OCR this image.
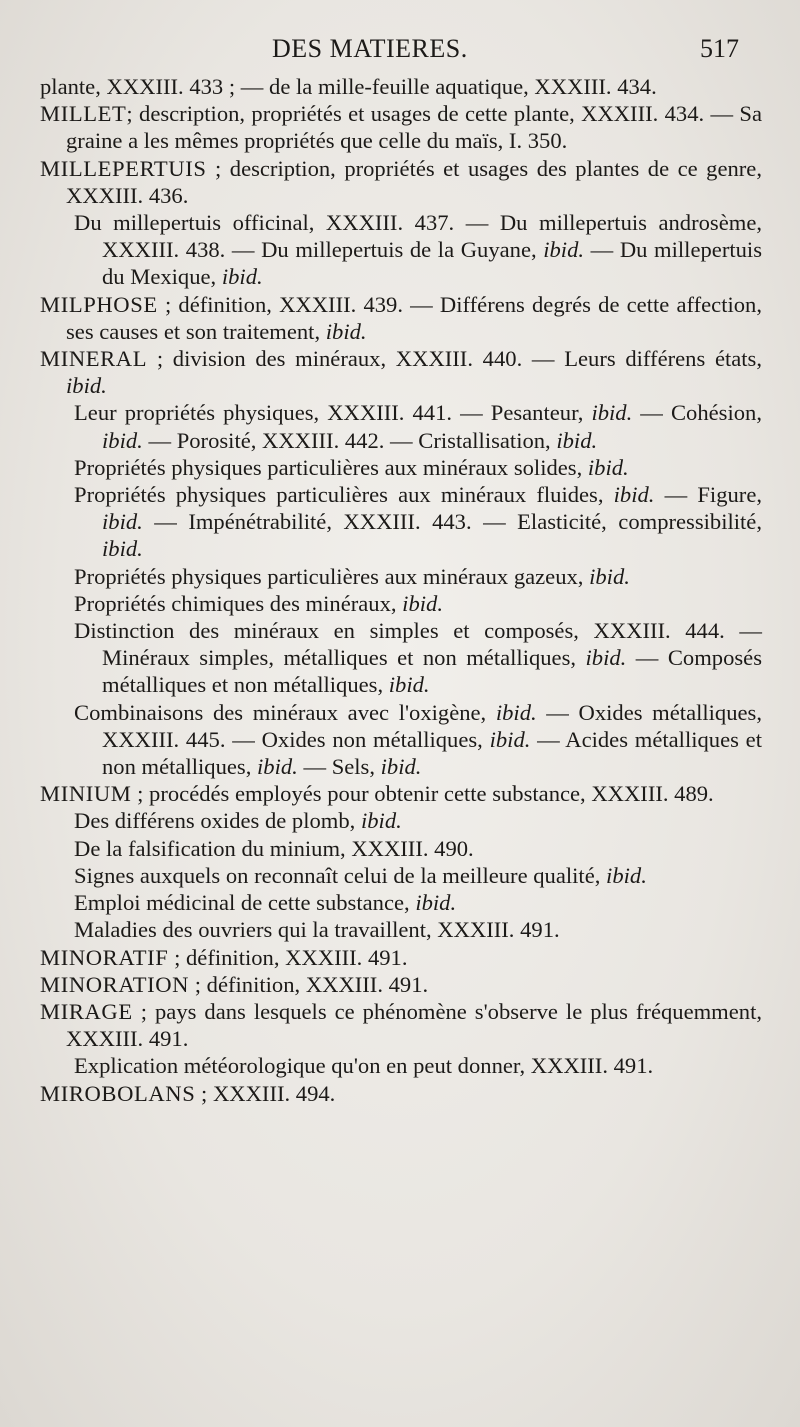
DES MATIERES.	517

plante, XXXIII. 433 ; — de la mille-feuille aquatique, XXXIII. 434.

MILLET; description, propriétés et usages de cette plante, XXXIII. 434. — Sa graine a les mêmes propriétés que celle du maïs, I. 350.

MILLEPERTUIS ; description, propriétés et usages des plantes de ce genre, XXXIII. 436.

Du millepertuis officinal, XXXIII. 437. — Du millepertuis androsème, XXXIII. 438. — Du millepertuis de la Guyane, ibid. — Du millepertuis du Mexique, ibid.

MILPHOSE ; définition, XXXIII. 439. — Différens degrés de cette affection, ses causes et son traitement, ibid.

MINERAL ; division des minéraux, XXXIII. 440. — Leurs différens états, ibid.

Leur propriétés physiques, XXXIII. 441. — Pesanteur, ibid. — Cohésion, ibid. — Porosité, XXXIII. 442. — Cristallisation, ibid.

Propriétés physiques particulières aux minéraux solides, ibid.

Propriétés physiques particulières aux minéraux fluides, ibid. — Figure, ibid. — Impénétrabilité, XXXIII. 443. — Elasticité, compressibilité, ibid.

Propriétés physiques particulières aux minéraux gazeux, ibid.

Propriétés chimiques des minéraux, ibid.

Distinction des minéraux en simples et composés, XXXIII. 444. — Minéraux simples, métalliques et non métalliques, ibid. — Composés métalliques et non métalliques, ibid.

Combinaisons des minéraux avec l'oxigène, ibid. — Oxides métalliques, XXXIII. 445. — Oxides non métalliques, ibid. — Acides métalliques et non métalliques, ibid. — Sels, ibid.

MINIUM ; procédés employés pour obtenir cette substance, XXXIII. 489.

Des différens oxides de plomb, ibid.

De la falsification du minium, XXXIII. 490.

Signes auxquels on reconnaît celui de la meilleure qualité, ibid.

Emploi médicinal de cette substance, ibid.

Maladies des ouvriers qui la travaillent, XXXIII. 491.

MINORATIF ; définition, XXXIII. 491.

MINORATION ; définition, XXXIII. 491.

MIRAGE ; pays dans lesquels ce phénomène s'observe le plus fréquemment, XXXIII. 491.

Explication météorologique qu'on en peut donner, XXXIII. 491.

MIROBOLANS ; XXXIII. 494.
